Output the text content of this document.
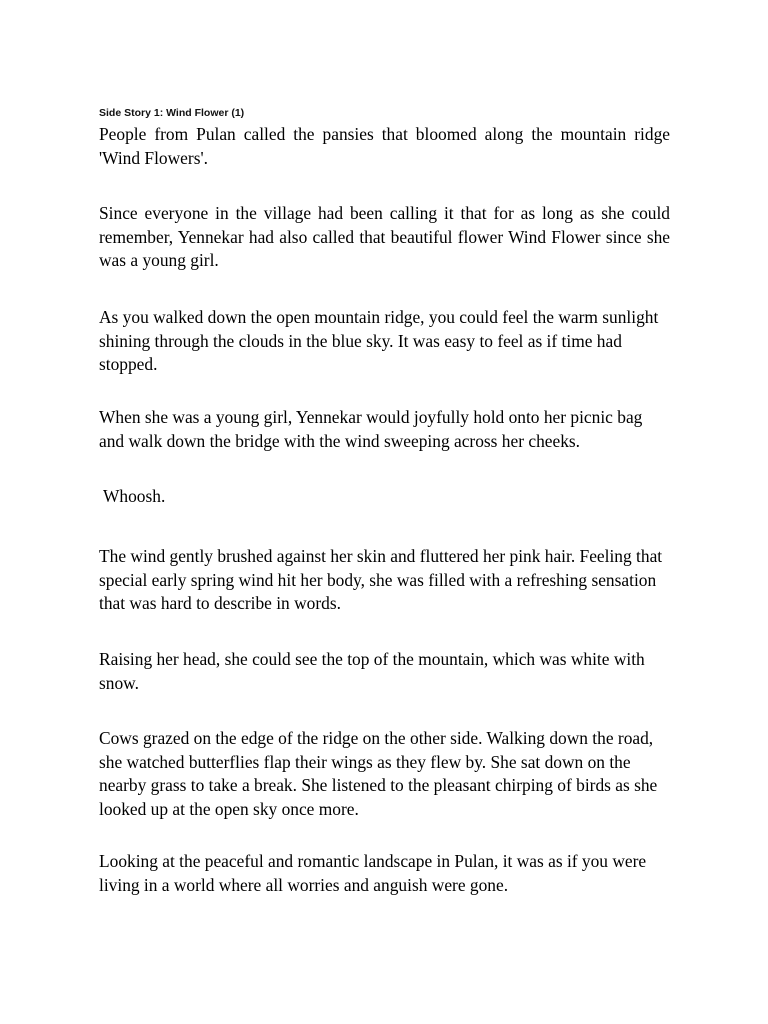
Side Story 1: Wind Flower (1)

People from Pulan called the pansies that bloomed along the mountain ridge 'Wind Flowers'.

Since everyone in the village had been calling it that for as long as she could remember, Yennekar had also called that beautiful flower Wind Flower since she was a young girl.

As you walked down the open mountain ridge, you could feel the warm sunlight shining through the clouds in the blue sky. It was easy to feel as if time had stopped.

When she was a young girl, Yennekar would joyfully hold onto her picnic bag and walk down the bridge with the wind sweeping across her cheeks.

Whoosh.

The wind gently brushed against her skin and fluttered her pink hair. Feeling that special early spring wind hit her body, she was filled with a refreshing sensation that was hard to describe in words.

Raising her head, she could see the top of the mountain, which was white with snow.

Cows grazed on the edge of the ridge on the other side. Walking down the road, she watched butterflies flap their wings as they flew by. She sat down on the nearby grass to take a break. She listened to the pleasant chirping of birds as she looked up at the open sky once more.

Looking at the peaceful and romantic landscape in Pulan, it was as if you were living in a world where all worries and anguish were gone.
